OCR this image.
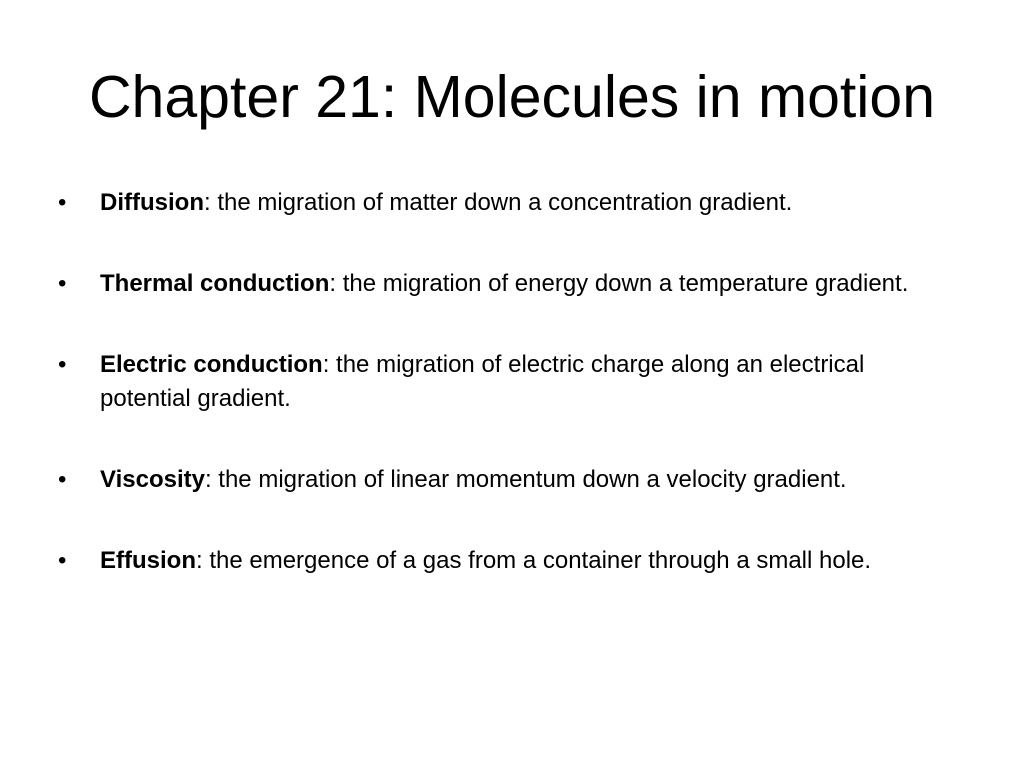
Chapter 21: Molecules in motion
•	Diffusion: the migration of matter down a concentration gradient.
•	Thermal conduction: the migration of energy down a temperature gradient.
•	Electric conduction: the migration of electric charge along an electrical potential gradient.
•	Viscosity: the migration of linear momentum down a velocity gradient.
•	Effusion: the emergence of a gas from a container through a small hole.
